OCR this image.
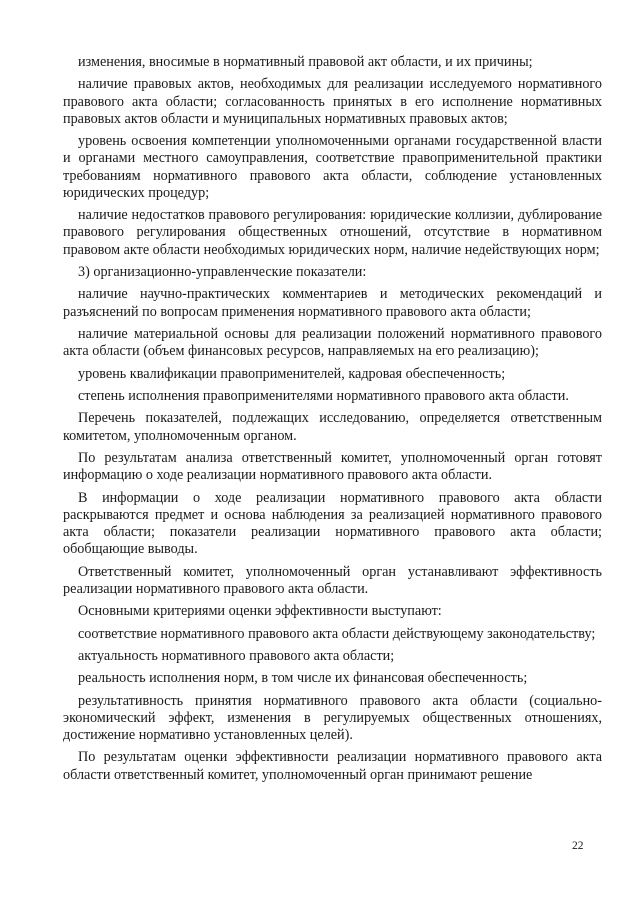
изменения, вносимые в нормативный правовой акт области, и их причины;

наличие правовых актов, необходимых для реализации исследуемого нормативного правового акта области; согласованность принятых в его исполнение нормативных правовых актов области и муниципальных нормативных правовых актов;

уровень освоения компетенции уполномоченными органами государственной власти и органами местного самоуправления, соответствие правоприменительной практики требованиям нормативного правового акта области, соблюдение установленных юридических процедур;

наличие недостатков правового регулирования: юридические коллизии, дублирование правового регулирования общественных отношений, отсутствие в нормативном правовом акте области необходимых юридических норм, наличие недействующих норм;

3) организационно-управленческие показатели:

наличие научно-практических комментариев и методических рекомендаций и разъяснений по вопросам применения нормативного правового акта области;

наличие материальной основы для реализации положений нормативного правового акта области (объем финансовых ресурсов, направляемых на его реализацию);

уровень квалификации правоприменителей, кадровая обеспеченность;

степень исполнения правоприменителями нормативного правового акта области.

Перечень показателей, подлежащих исследованию, определяется ответственным комитетом, уполномоченным органом.

По результатам анализа ответственный комитет, уполномоченный орган готовят информацию о ходе реализации нормативного правового акта области.

В информации о ходе реализации нормативного правового акта области раскрываются предмет и основа наблюдения за реализацией нормативного правового акта области; показатели реализации нормативного правового акта области; обобщающие выводы.

Ответственный комитет, уполномоченный орган устанавливают эффективность реализации нормативного правового акта области.

Основными критериями оценки эффективности выступают:

соответствие нормативного правового акта области действующему законодательству;

актуальность нормативного правового акта области;

реальность исполнения норм, в том числе их финансовая обеспеченность;

результативность принятия нормативного правового акта области (социально-экономический эффект, изменения в регулируемых общественных отношениях, достижение нормативно установленных целей).

По результатам оценки эффективности реализации нормативного правового акта области ответственный комитет, уполномоченный орган принимают решение

22
